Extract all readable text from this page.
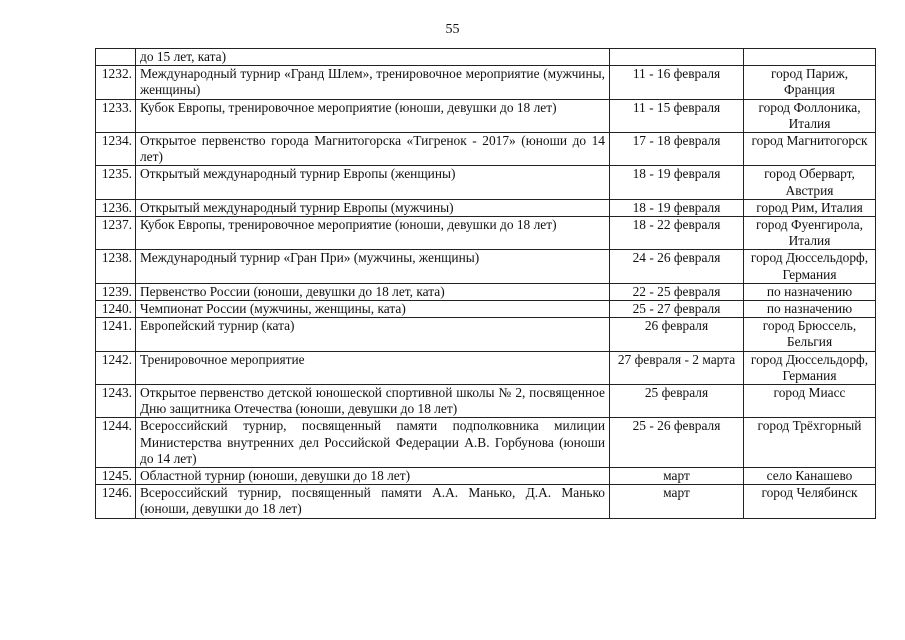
55
	до 15 лет, ката)		
1232.	Международный турнир «Гранд Шлем», тренировочное мероприятие (мужчины, женщины)	11 - 16 февраля	город Париж, Франция
1233.	Кубок Европы, тренировочное мероприятие (юноши, девушки до 18 лет)	11 - 15 февраля	город Фоллоника, Италия
1234.	Открытое первенство города Магнитогорска «Тигренок - 2017» (юноши до 14 лет)	17 - 18 февраля	город Магнитогорск
1235.	Открытый международный турнир Европы (женщины)	18 - 19 февраля	город Оберварт, Австрия
1236.	Открытый международный турнир Европы (мужчины)	18 - 19 февраля	город Рим, Италия
1237.	Кубок Европы, тренировочное мероприятие (юноши, девушки до 18 лет)	18 - 22 февраля	город Фуенгирола, Италия
1238.	Международный турнир «Гран При» (мужчины, женщины)	24 - 26 февраля	город Дюссельдорф, Германия
1239.	Первенство России (юноши, девушки до 18 лет, ката)	22 - 25 февраля	по назначению
1240.	Чемпионат России (мужчины, женщины, ката)	25 - 27 февраля	по назначению
1241.	Европейский турнир (ката)	26 февраля	город Брюссель, Бельгия
1242.	Тренировочное мероприятие	27 февраля - 2 марта	город Дюссельдорф, Германия
1243.	Открытое первенство детской юношеской спортивной школы № 2, посвященное Дню защитника Отечества (юноши, девушки до 18 лет)	25 февраля	город Миасс
1244.	Всероссийский турнир, посвященный памяти подполковника милиции Министерства внутренних дел Российской Федерации А.В. Горбунова (юноши до 14 лет)	25 - 26 февраля	город Трёхгорный
1245.	Областной турнир (юноши, девушки до 18 лет)	март	село Канашево
1246.	Всероссийский турнир, посвященный памяти А.А. Манько, Д.А. Манько (юноши, девушки до 18 лет)	март	город Челябинск
